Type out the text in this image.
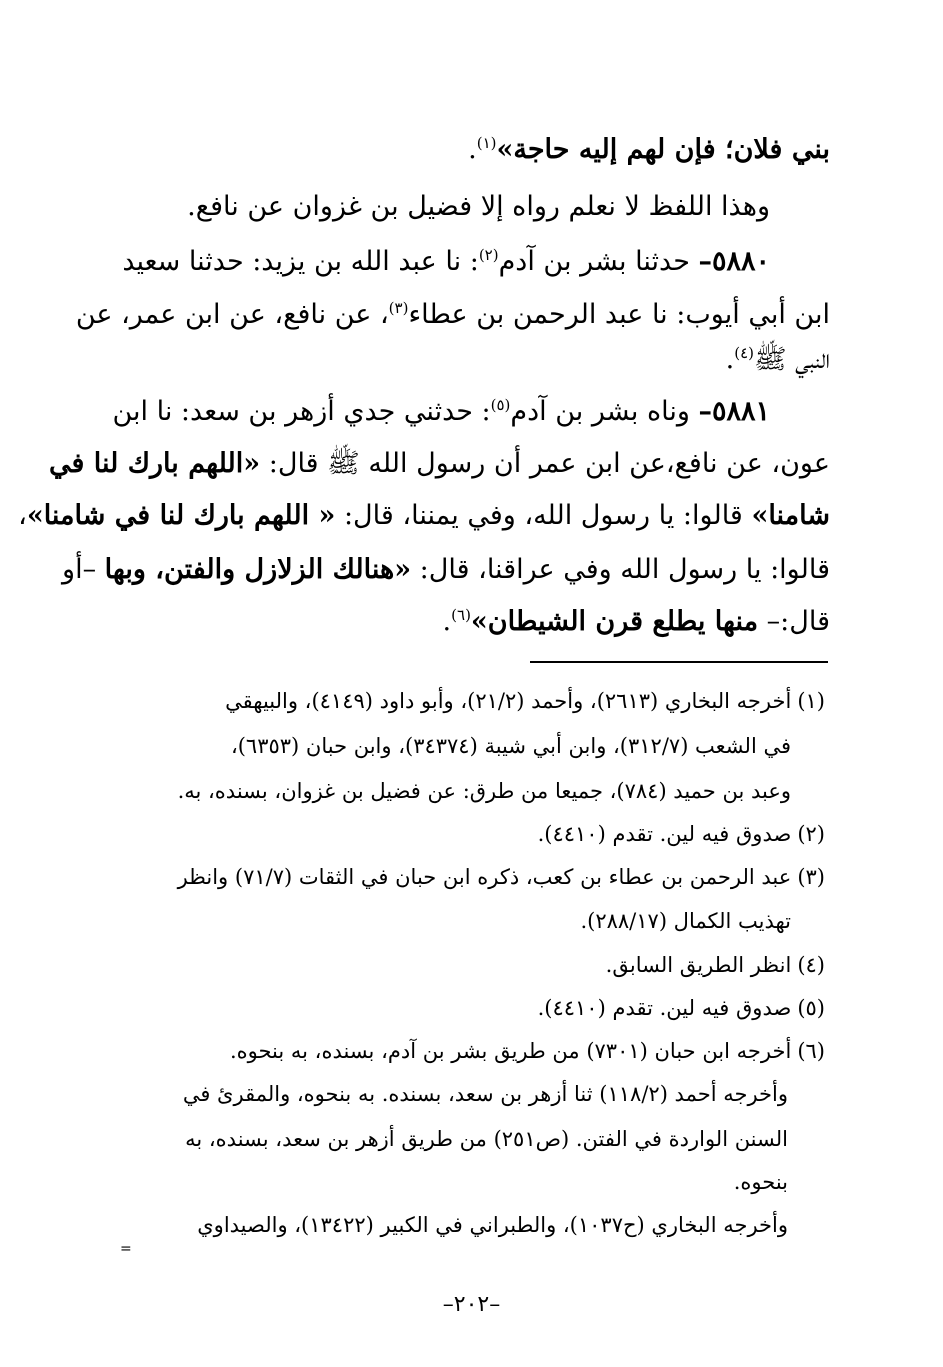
بني فلان؛ فإن لهم إليه حاجة»$^{(١)}$.
وهذا اللفظ لا نعلم رواه إلا فضيل بن غزوان عن نافع.
٥٨٨٠– حدثنا بشر بن آدم$^{(٢)}$: نا عبد الله بن يزيد: حدثنا سعيد
ابن أبي أيوب: نا عبد الرحمن بن عطاء$^{(٣)}$، عن نافع، عن ابن عمر، عن
النبي ﷺ$^{(٤)}$.
٥٨٨١– وناه بشر بن آدم$^{(٥)}$: حدثني جدي أزهر بن سعد: نا ابن
عون، عن نافع،عن ابن عمر أن رسول الله ﷺ قال: «اللهم بارك لنا في
شامنا» قالوا: يا رسول الله، وفي يمننا، قال: « اللهم بارك لنا في شامنا»،
قالوا: يا رسول الله وفي عراقنا، قال: «هنالك الزلازل والفتن، وبها –أو
قال:– منها يطلع قرن الشيطان»$^{(٦)}$.
(١)أخرجه البخاري (٢٦١٣)، وأحمد (٢١/٢)، وأبو داود (٤١٤٩)، والبيهقي
في الشعب (٣١٢/٧)، وابن أبي شيبة (٣٤٣٧٤)، وابن حبان (٦٣٥٣)،
وعبد بن حميد (٧٨٤)، جميعا من طرق: عن فضيل بن غزوان، بسنده، به.
(٢)صدوق فيه لين. تقدم (٤٤١٠).
(٣)عبد الرحمن بن عطاء بن كعب، ذكره ابن حبان في الثقات (٧١/٧) وانظر
تهذيب الكمال (٢٨٨/١٧).
(٤)انظر الطريق السابق.
(٥)صدوق فيه لين. تقدم (٤٤١٠).
(٦)أخرجه ابن حبان (٧٣٠١) من طريق بشر بن آدم، بسنده، به بنحوه.
وأخرجه أحمد (١١٨/٢) ثنا أزهر بن سعد، بسنده. به بنحوه، والمقرئ في
السنن الواردة في الفتن. (ص٢٥١) من طريق أزهر بن سعد، بسنده، به
بنحوه.
وأخرجه البخاري (ح١٠٣٧)، والطبراني في الكبير (١٣٤٢٢)، والصيداوي
=
–٢٠٢–
